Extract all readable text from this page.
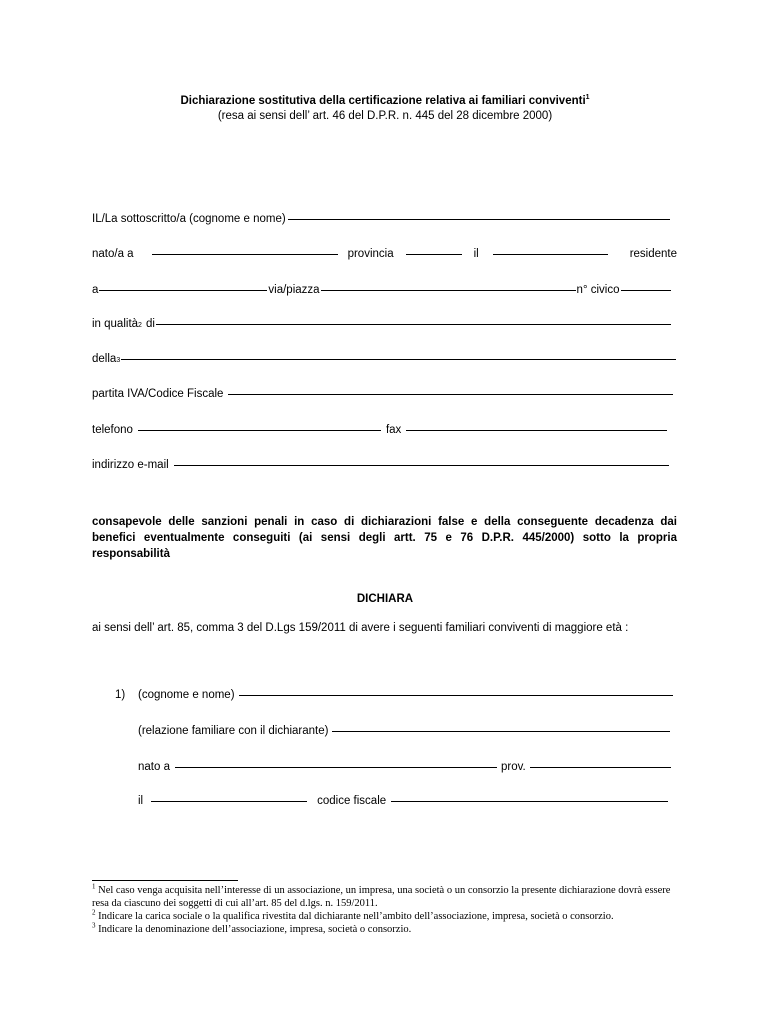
Dichiarazione sostitutiva della certificazione relativa ai familiari conviventi$^1$
(resa ai sensi dell’ art. 46 del D.P.R. n. 445 del 28 dicembre 2000)
IL/La sottoscritto/a (cognome e nome)
nato/a a	provincia	il	residente
a	via/piazza	n° civico
in qualità 2 di
della 3
partita IVA/Codice Fiscale
telefono	fax
indirizzo e-mail
consapevole delle sanzioni penali in caso di dichiarazioni false e della conseguente decadenza dai benefici eventualmente conseguiti (ai sensi degli artt. 75 e 76 D.P.R. 445/2000) sotto la propria responsabilità
DICHIARA
ai sensi dell’ art. 85, comma 3 del D.Lgs 159/2011 di avere i seguenti familiari conviventi di maggiore età :
1) (cognome e nome)
(relazione familiare con il dichiarante)
nato a	prov.
il	codice fiscale

$^1$ Nel caso venga acquisita nell’interesse di un associazione, un impresa, una società o un consorzio la presente dichiarazione dovrà essere resa da ciascuno dei soggetti di cui all’art. 85 del d.lgs. n. 159/2011.

$^2$ Indicare la carica sociale o la qualifica rivestita dal dichiarante nell’ambito dell’associazione, impresa, società o consorzio.

$^3$ Indicare la denominazione dell’associazione, impresa, società o consorzio.
